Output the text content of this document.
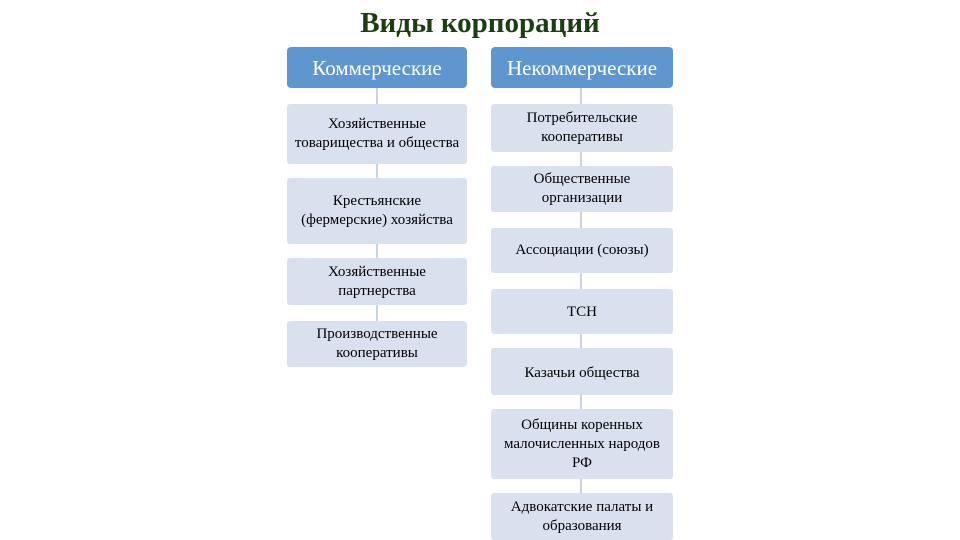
Виды корпораций
Коммерческие
Хозяйственные товарищества и общества
Крестьянские (фермерские) хозяйства
Хозяйственные партнерства
Производственные кооперативы
Некоммерческие
Потребительские кооперативы
Общественные организации
Ассоциации (союзы)
ТСН
Казачьи общества
Общины коренных малочисленных народов РФ
Адвокатские палаты и образования
